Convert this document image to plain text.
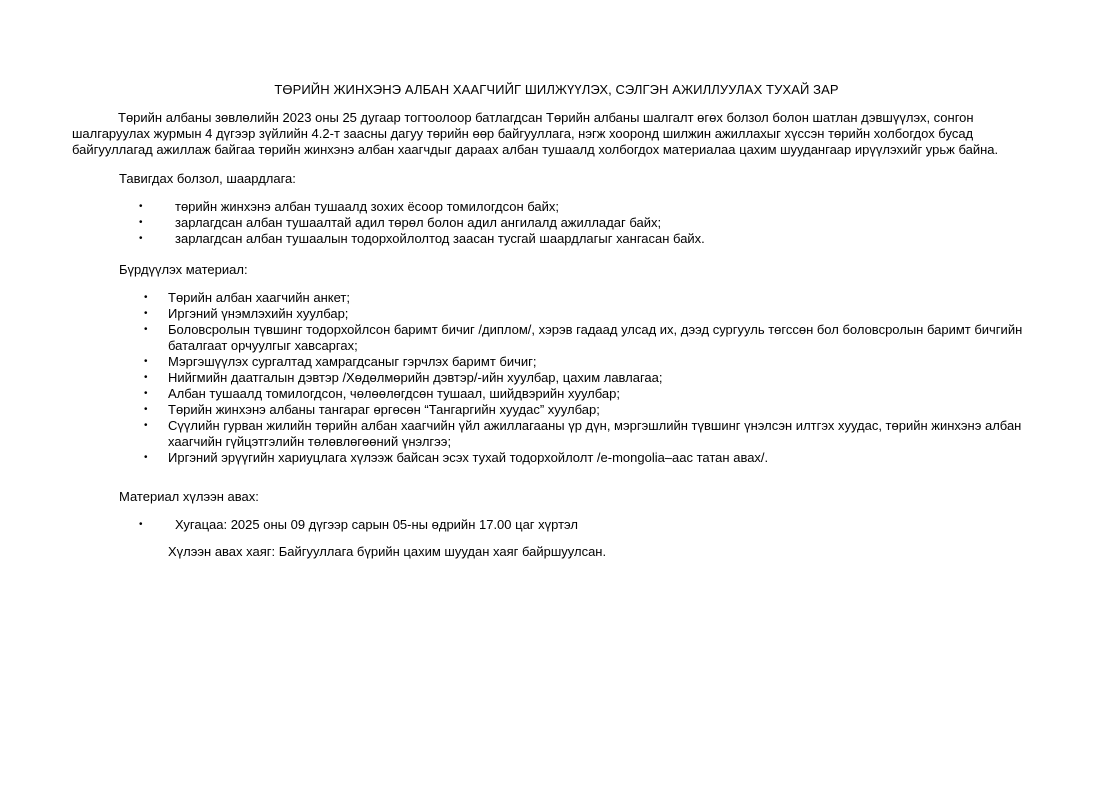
ТӨРИЙН ЖИНХЭНЭ АЛБАН ХААГЧИЙГ ШИЛЖҮҮЛЭХ, СЭЛГЭН АЖИЛЛУУЛАХ ТУХАЙ ЗАР
Төрийн албаны зөвлөлийн 2023 оны 25 дугаар тогтоолоор батлагдсан Төрийн албаны шалгалт өгөх болзол болон шатлан дэвшүүлэх, сонгон шалгаруулах журмын 4 дүгээр зүйлийн 4.2-т заасны дагуу төрийн өөр байгууллага, нэгж хооронд шилжин ажиллахыг хүссэн төрийн холбогдох бусад байгууллагад ажиллаж байгаа төрийн жинхэнэ албан хаагчдыг дараах албан тушаалд холбогдох материалаа цахим шуудангаар ирүүлэхийг урьж байна.
Тавигдах болзол, шаардлага:
• төрийн жинхэнэ албан тушаалд зохих ёсоор томилогдсон байх;
• зарлагдсан албан тушаалтай адил төрөл болон адил ангилалд ажилладаг байх;
• зарлагдсан албан тушаалын тодорхойлолтод заасан тусгай шаардлагыг хангасан байх.
Бүрдүүлэх материал:
• Төрийн албан хаагчийн анкет;
• Иргэний үнэмлэхийн хуулбар;
• Боловсролын түвшинг тодорхойлсон баримт бичиг /диплом/, хэрэв гадаад улсад их, дээд сургууль төгссөн бол боловсролын баримт бичгийн баталгаат орчуулгыг хавсаргах;
• Мэргэшүүлэх сургалтад хамрагдсаныг гэрчлэх баримт бичиг;
• Нийгмийн даатгалын дэвтэр /Хөдөлмөрийн дэвтэр/-ийн хуулбар, цахим лавлагаа;
• Албан тушаалд томилогдсон, чөлөөлөгдсөн тушаал, шийдвэрийн хуулбар;
• Төрийн жинхэнэ албаны тангараг өргөсөн “Тангаргийн хуудас” хуулбар;
• Сүүлийн гурван жилийн төрийн албан хаагчийн үйл ажиллагааны үр дүн, мэргэшлийн түвшинг үнэлсэн илтгэх хуудас, төрийн жинхэнэ албан хаагчийн гүйцэтгэлийн төлөвлөгөөний үнэлгээ;
• Иргэний эрүүгийн хариуцлага хүлээж байсан эсэх тухай тодорхойлолт /e-mongolia–аас татан авах/.
Материал хүлээн авах:
• Хугацаа: 2025 оны 09 дүгээр сарын 05-ны өдрийн 17.00 цаг хүртэл
Хүлээн авах хаяг: Байгууллага бүрийн цахим шуудан хаяг байршуулсан.
